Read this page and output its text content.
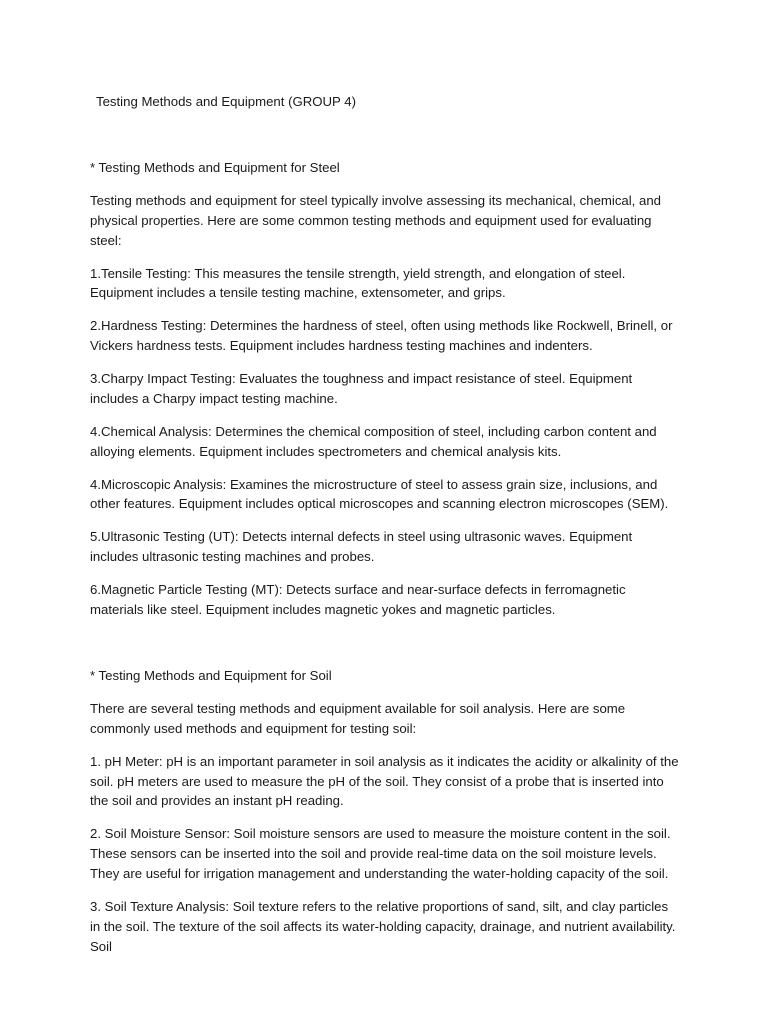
Testing Methods and Equipment (GROUP 4)

* Testing Methods and Equipment for Steel

Testing methods and equipment for steel typically involve assessing its mechanical, chemical, and physical properties. Here are some common testing methods and equipment used for evaluating steel:

1.Tensile Testing: This measures the tensile strength, yield strength, and elongation of steel. Equipment includes a tensile testing machine, extensometer, and grips.

2.Hardness Testing: Determines the hardness of steel, often using methods like Rockwell, Brinell, or Vickers hardness tests. Equipment includes hardness testing machines and indenters.

3.Charpy Impact Testing: Evaluates the toughness and impact resistance of steel. Equipment includes a Charpy impact testing machine.

4.Chemical Analysis: Determines the chemical composition of steel, including carbon content and alloying elements. Equipment includes spectrometers and chemical analysis kits.

4.Microscopic Analysis: Examines the microstructure of steel to assess grain size, inclusions, and other features. Equipment includes optical microscopes and scanning electron microscopes (SEM).

5.Ultrasonic Testing (UT): Detects internal defects in steel using ultrasonic waves. Equipment includes ultrasonic testing machines and probes.

6.Magnetic Particle Testing (MT): Detects surface and near-surface defects in ferromagnetic materials like steel. Equipment includes magnetic yokes and magnetic particles.

* Testing Methods and Equipment for Soil

There are several testing methods and equipment available for soil analysis. Here are some commonly used methods and equipment for testing soil:

1. pH Meter: pH is an important parameter in soil analysis as it indicates the acidity or alkalinity of the soil. pH meters are used to measure the pH of the soil. They consist of a probe that is inserted into the soil and provides an instant pH reading.

2. Soil Moisture Sensor: Soil moisture sensors are used to measure the moisture content in the soil. These sensors can be inserted into the soil and provide real-time data on the soil moisture levels. They are useful for irrigation management and understanding the water-holding capacity of the soil.

3. Soil Texture Analysis: Soil texture refers to the relative proportions of sand, silt, and clay particles in the soil. The texture of the soil affects its water-holding capacity, drainage, and nutrient availability. Soil
